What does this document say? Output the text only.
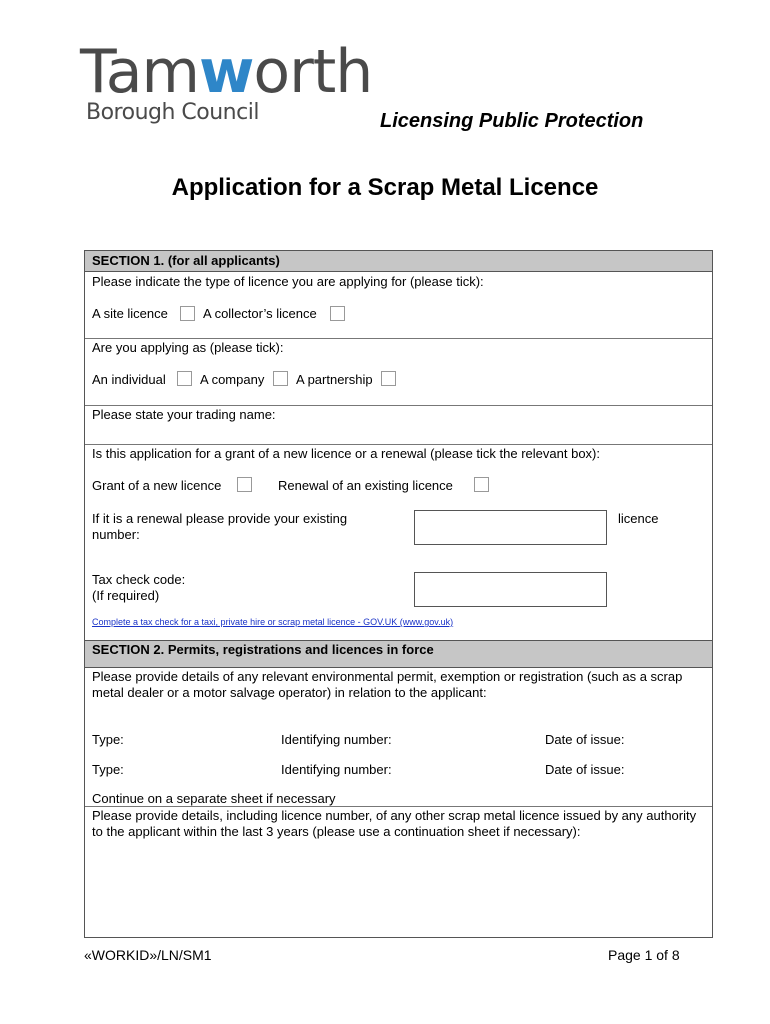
Tamworth
Borough Council	Licensing Public Protection
Application for a Scrap Metal Licence
SECTION 1. (for all applicants)
Please indicate the type of licence you are applying for (please tick):
A site licence	A collector’s licence
Are you applying as (please tick):
An individual	A company A partnership
Please state your trading name:
Is this application for a grant of a new licence or a renewal (please tick the relevant box):
Grant of a new licence	Renewal of an existing licence
If it is a renewal please provide your existing number:
licence
Tax check code:
(If required)
Complete a tax check for a taxi, private hire or scrap metal licence - GOV.UK (www.gov.uk)
SECTION 2. Permits, registrations and licences in force
Please provide details of any relevant environmental permit, exemption or registration (such as a scrap metal dealer or a motor salvage operator) in relation to the applicant:
Type:	Identifying number:	Date of issue:
Type:	Identifying number:	Date of issue:
Continue on a separate sheet if necessary
Please provide details, including licence number, of any other scrap metal licence issued by any authority to the applicant within the last 3 years (please use a continuation sheet if necessary):
«WORKID»/LN/SM1	Page 1 of 8
